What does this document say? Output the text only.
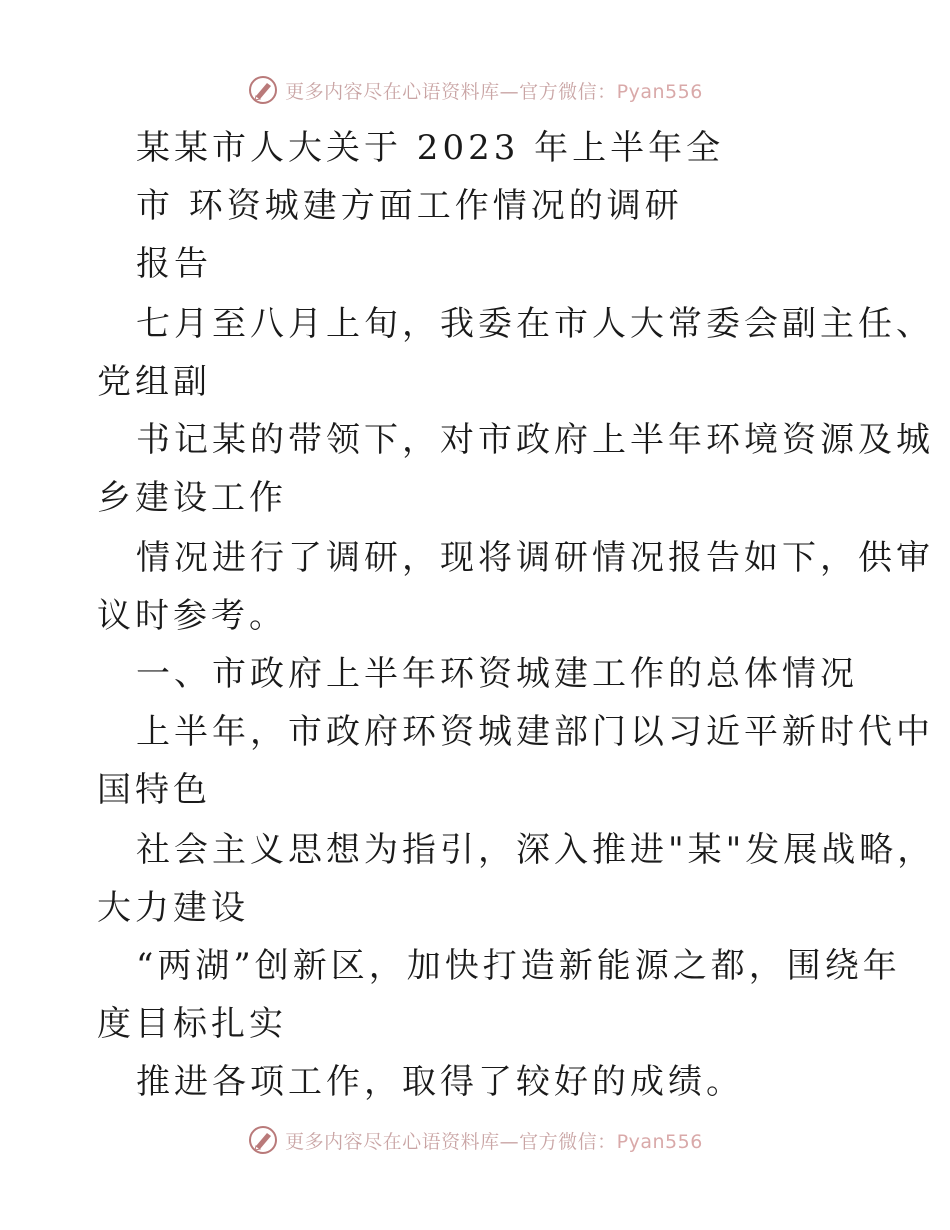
更多内容尽在心语资料库—官方微信：Pyan556
某某市人大关于 2023 年上半年全
市 环资城建方面工作情况的调研
报告
七月至八月上旬，我委在市人大常委会副主任、
党组副
书记某的带领下，对市政府上半年环境资源及城
乡建设工作
情况进行了调研，现将调研情况报告如下，供审
议时参考。
一、市政府上半年环资城建工作的总体情况
上半年，市政府环资城建部门以习近平新时代中
国特色
社会主义思想为指引，深入推进"某"发展战略，
大力建设
“两湖”创新区，加快打造新能源之都，围绕年
度目标扎实
推进各项工作，取得了较好的成绩。
更多内容尽在心语资料库—官方微信：Pyan556
